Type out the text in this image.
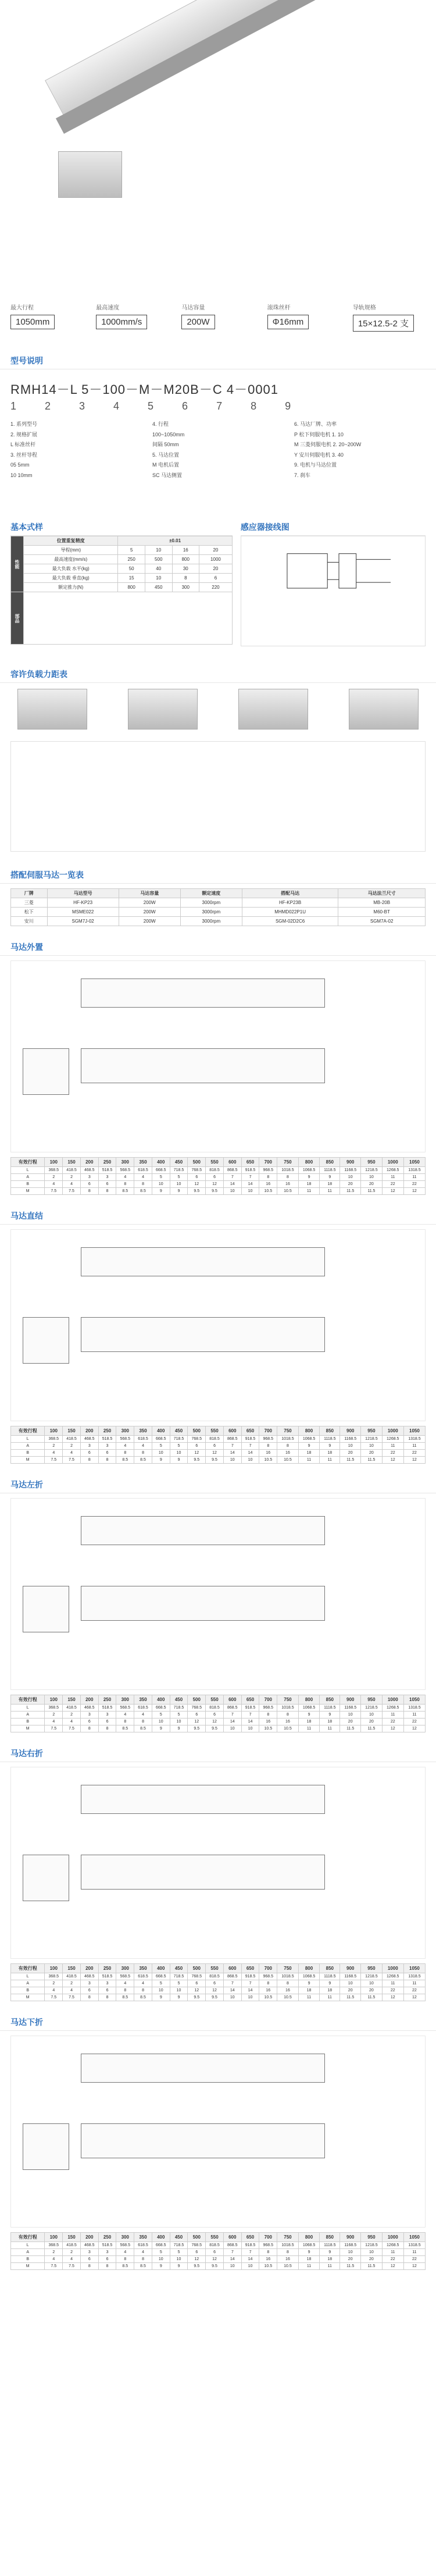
最大行程
1050mm
最高速度
1000mm/s
马达容量
200W
滚珠丝杆
Φ16mm
导轨规格
15×12.5-2 支
型号说明
RMH14－L 5－100－M－M20B－C 4－0001
1 2 3 4 5 6 7 8 9
1. 系列型号	4. 行程	6. 马达厂牌、功率
2. 规格扩展	100~1050mm	P 松下伺服电机 1. 10
L 标准丝杆	间隔 50mm	M 三菱伺服电机 2. 20~200W
3. 丝杆导程	5. 马达位置	Y 安川伺服电机 3. 40
05 5mm	M 电机后置	9. 电机与马达位置
10 10mm	SC 马达侧置	7. 刹车
基本式样
性能	位置重复精度	±0.01			
	导程(mm)	5	10	16	20
	最高速度(mm/s)	250	500	800	1000
	最大负载 水平(kg)	50	40	30	20
	最大负载 垂直(kg)	15	10	8	6
	额定推力(N)	800	450	300	220
部品					
感应器接线图
容许负载力距表
搭配伺服马达一览表
厂牌	马达型号	马达容量	额定速度	搭配马达	马达法兰尺寸
三菱	HF-KP23	200W	3000rpm	HF-KP23B	MB-20B
松下	MSME022	200W	3000rpm	MHMD022P1U	M60-BT
安川	SGM7J-02	200W	3000rpm	SGM-02D2C6	SGM7A-02
马达外置
有效行程	100	150	200	250	300	350	400	450	500	550	600	650	700	750	800	850	900	950	1000	1050
L	368.5	418.5	468.5	518.5	568.5	618.5	668.5	718.5	768.5	818.5	868.5	918.5	968.5	1018.5	1068.5	1118.5	1168.5	1218.5	1268.5	1318.5
A	2	2	3	3	4	4	5	5	6	6	7	7	8	8	9	9	10	10	11	11
B	4	4	6	6	8	8	10	10	12	12	14	14	16	16	18	18	20	20	22	22
M	7.5	7.5	8	8	8.5	8.5	9	9	9.5	9.5	10	10	10.5	10.5	11	11	11.5	11.5	12	12
马达直结
有效行程	100	150	200	250	300	350	400	450	500	550	600	650	700	750	800	850	900	950	1000	1050
L	368.5	418.5	468.5	518.5	568.5	618.5	668.5	718.5	768.5	818.5	868.5	918.5	968.5	1018.5	1068.5	1118.5	1168.5	1218.5	1268.5	1318.5
A	2	2	3	3	4	4	5	5	6	6	7	7	8	8	9	9	10	10	11	11
B	4	4	6	6	8	8	10	10	12	12	14	14	16	16	18	18	20	20	22	22
M	7.5	7.5	8	8	8.5	8.5	9	9	9.5	9.5	10	10	10.5	10.5	11	11	11.5	11.5	12	12
马达左折
有效行程	100	150	200	250	300	350	400	450	500	550	600	650	700	750	800	850	900	950	1000	1050
L	368.5	418.5	468.5	518.5	568.5	618.5	668.5	718.5	768.5	818.5	868.5	918.5	968.5	1018.5	1068.5	1118.5	1168.5	1218.5	1268.5	1318.5
A	2	2	3	3	4	4	5	5	6	6	7	7	8	8	9	9	10	10	11	11
B	4	4	6	6	8	8	10	10	12	12	14	14	16	16	18	18	20	20	22	22
M	7.5	7.5	8	8	8.5	8.5	9	9	9.5	9.5	10	10	10.5	10.5	11	11	11.5	11.5	12	12
马达右折
有效行程	100	150	200	250	300	350	400	450	500	550	600	650	700	750	800	850	900	950	1000	1050
L	368.5	418.5	468.5	518.5	568.5	618.5	668.5	718.5	768.5	818.5	868.5	918.5	968.5	1018.5	1068.5	1118.5	1168.5	1218.5	1268.5	1318.5
A	2	2	3	3	4	4	5	5	6	6	7	7	8	8	9	9	10	10	11	11
B	4	4	6	6	8	8	10	10	12	12	14	14	16	16	18	18	20	20	22	22
M	7.5	7.5	8	8	8.5	8.5	9	9	9.5	9.5	10	10	10.5	10.5	11	11	11.5	11.5	12	12
马达下折
有效行程	100	150	200	250	300	350	400	450	500	550	600	650	700	750	800	850	900	950	1000	1050
L	368.5	418.5	468.5	518.5	568.5	618.5	668.5	718.5	768.5	818.5	868.5	918.5	968.5	1018.5	1068.5	1118.5	1168.5	1218.5	1268.5	1318.5
A	2	2	3	3	4	4	5	5	6	6	7	7	8	8	9	9	10	10	11	11
B	4	4	6	6	8	8	10	10	12	12	14	14	16	16	18	18	20	20	22	22
M	7.5	7.5	8	8	8.5	8.5	9	9	9.5	9.5	10	10	10.5	10.5	11	11	11.5	11.5	12	12
